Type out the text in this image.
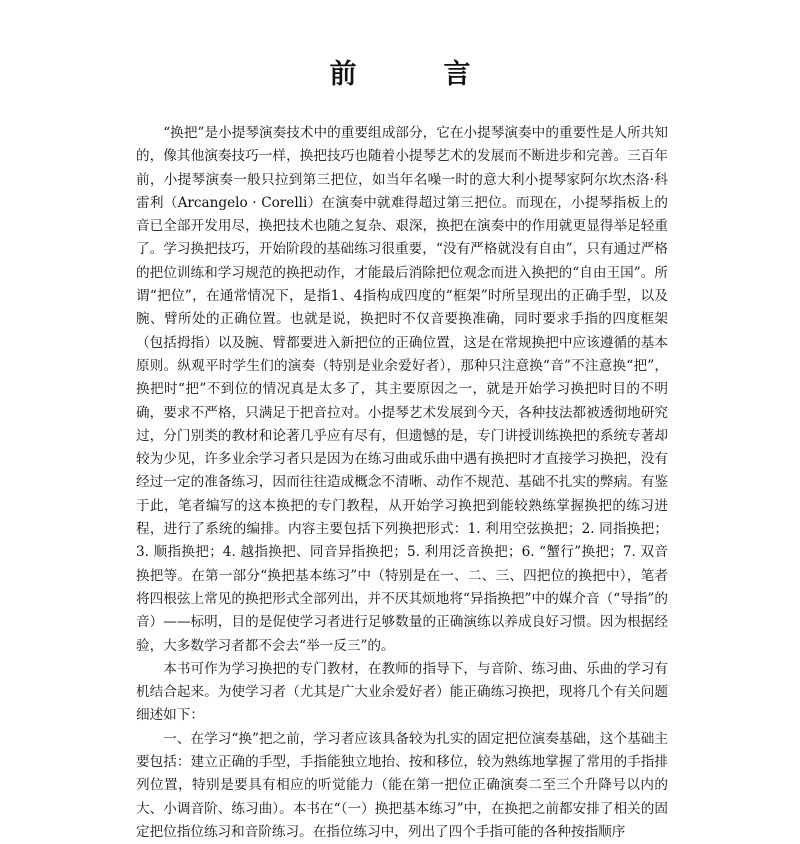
前　言

“换把”是小提琴演奏技术中的重要组成部分，它在小提琴演奏中的重要性是人所共知的，像其他演奏技巧一样，换把技巧也随着小提琴艺术的发展而不断进步和完善。三百年前，小提琴演奏一般只拉到第三把位，如当年名噪一时的意大利小提琴家阿尔坎杰洛·科雷利（Arcangelo · Corelli）在演奏中就难得超过第三把位。而现在，小提琴指板上的音已全部开发用尽，换把技术也随之复杂、艰深，换把在演奏中的作用就更显得举足轻重了。学习换把技巧，开始阶段的基础练习很重要，“没有严格就没有自由”，只有通过严格的把位训练和学习规范的换把动作，才能最后消除把位观念而进入换把的“自由王国”。所谓“把位”，在通常情况下，是指1、4指构成四度的“框架”时所呈现出的正确手型，以及腕、臂所处的正确位置。也就是说，换把时不仅音要换准确，同时要求手指的四度框架（包括拇指）以及腕、臂都要进入新把位的正确位置，这是在常规换把中应该遵循的基本原则。纵观平时学生们的演奏（特别是业余爱好者），那种只注意换“音”不注意换“把”，换把时“把”不到位的情况真是太多了，其主要原因之一，就是开始学习换把时目的不明确，要求不严格，只满足于把音拉对。小提琴艺术发展到今天，各种技法都被透彻地研究过，分门别类的教材和论著几乎应有尽有，但遗憾的是，专门讲授训练换把的系统专著却较为少见，许多业余学习者只是因为在练习曲或乐曲中遇有换把时才直接学习换把，没有经过一定的准备练习，因而往往造成概念不清晰、动作不规范、基础不扎实的弊病。有鉴于此，笔者编写的这本换把的专门教程，从开始学习换把到能较熟练掌握换把的练习进程，进行了系统的编排。内容主要包括下列换把形式：1. 利用空弦换把；2. 同指换把；3. 顺指换把；4. 越指换把、同音异指换把；5. 利用泛音换把；6. “蟹行”换把；7. 双音换把等。在第一部分“换把基本练习”中（特别是在一、二、三、四把位的换把中），笔者将四根弦上常见的换把形式全部列出，并不厌其烦地将“异指换把”中的媒介音（“导指”的音）——标明，目的是促使学习者进行足够数量的正确演练以养成良好习惯。因为根据经验，大多数学习者都不会去“举一反三”的。

本书可作为学习换把的专门教材，在教师的指导下，与音阶、练习曲、乐曲的学习有机结合起来。为使学习者（尤其是广大业余爱好者）能正确练习换把，现将几个有关问题细述如下：

一、在学习“换”把之前，学习者应该具备较为扎实的固定把位演奏基础，这个基础主要包括：建立正确的手型，手指能独立地抬、按和移位，较为熟练地掌握了常用的手指排列位置，特别是要具有相应的听觉能力（能在第一把位正确演奏二至三个升降号以内的大、小调音阶、练习曲）。本书在“（一）换把基本练习”中，在换把之前都安排了相关的固定把位指位练习和音阶练习。在指位练习中，列出了四个手指可能的各种按指顺序
